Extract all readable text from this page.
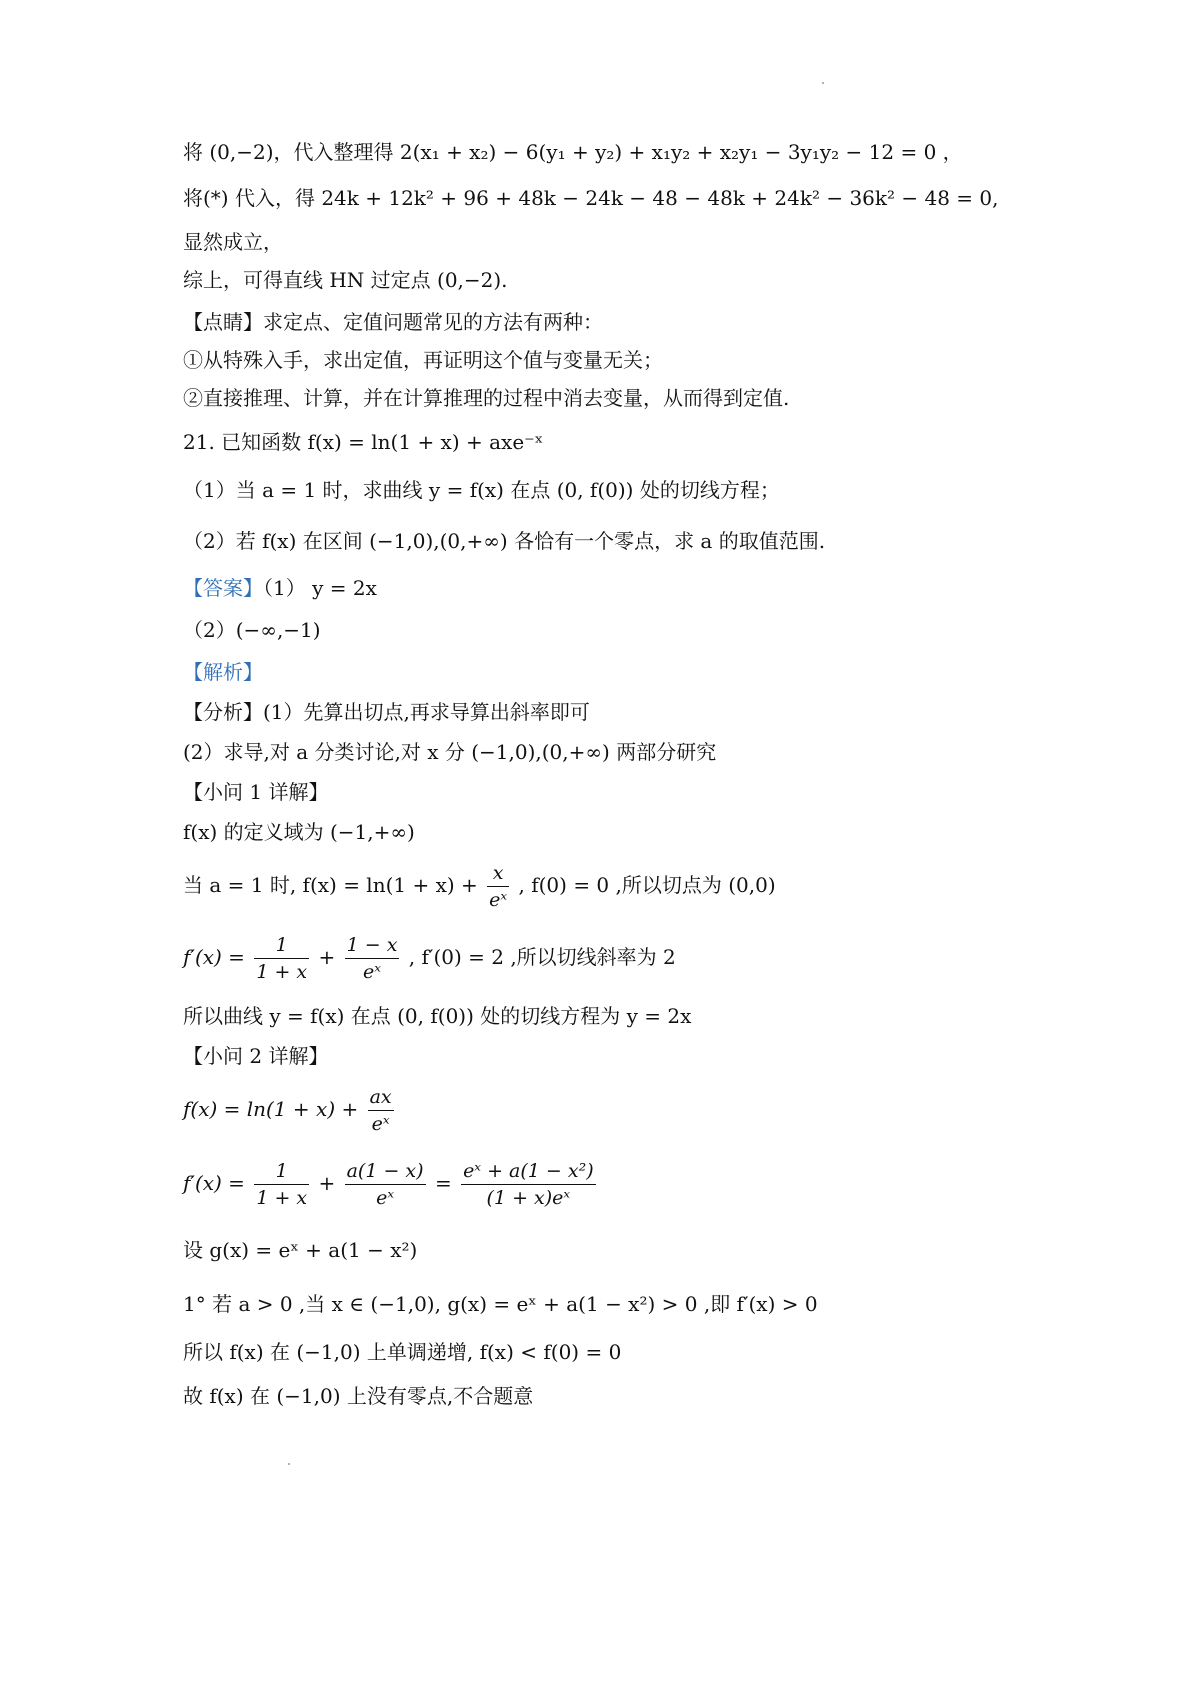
将 (0,−2)，代入整理得 2(x₁ + x₂) − 6(y₁ + y₂) + x₁y₂ + x₂y₁ − 3y₁y₂ − 12 = 0 ，
将(*) 代入，得 24k + 12k² + 96 + 48k − 24k − 48 − 48k + 24k² − 36k² − 48 = 0,
显然成立，
综上，可得直线 HN 过定点 (0,−2).
【点睛】求定点、定值问题常见的方法有两种：
①从特殊入手，求出定值，再证明这个值与变量无关；
②直接推理、计算，并在计算推理的过程中消去变量，从而得到定值.
21. 已知函数 f(x) = ln(1 + x) + axe⁻ˣ
（1）当 a = 1 时，求曲线 y = f(x) 在点 (0, f(0)) 处的切线方程；
（2）若 f(x) 在区间 (−1,0),(0,+∞) 各恰有一个零点，求 a 的取值范围.
【答案】（1） y = 2x
（2）(−∞,−1)
【解析】
【分析】(1）先算出切点,再求导算出斜率即可
(2）求导,对 a 分类讨论,对 x 分 (−1,0),(0,+∞) 两部分研究
【小问 1 详解】
f(x) 的定义域为 (−1,+∞)
当 a = 1 时, $f(x) = \ln(1 + x) + \frac{x}{\text{eˣ}}$ , f(0) = 0 ,所以切点为 (0,0)
$f'(x) = \frac{1}{1 + x} + \frac{1 - x}{\text{eˣ}}$ , f′(0) = 2 ,所以切线斜率为 2
所以曲线 y = f(x) 在点 (0, f(0)) 处的切线方程为 y = 2x
【小问 2 详解】
$f(x) = \ln(1 + x) + \frac{ax}{\text{eˣ}}$
$f'(x) = \frac{1}{1 + x} + \frac{a(1 - x)}{\text{eˣ}} = \frac{\text{eˣ + a(1 − x²)}}{\text{(1 + x)eˣ}}$
设 g(x) = eˣ + a(1 − x²)
1° 若 a > 0 ,当 x ∈ (−1,0), g(x) = eˣ + a(1 − x²) > 0 ,即 f′(x) > 0
所以 f(x) 在 (−1,0) 上单调递增, f(x) < f(0) = 0
故 f(x) 在 (−1,0) 上没有零点,不合题意
